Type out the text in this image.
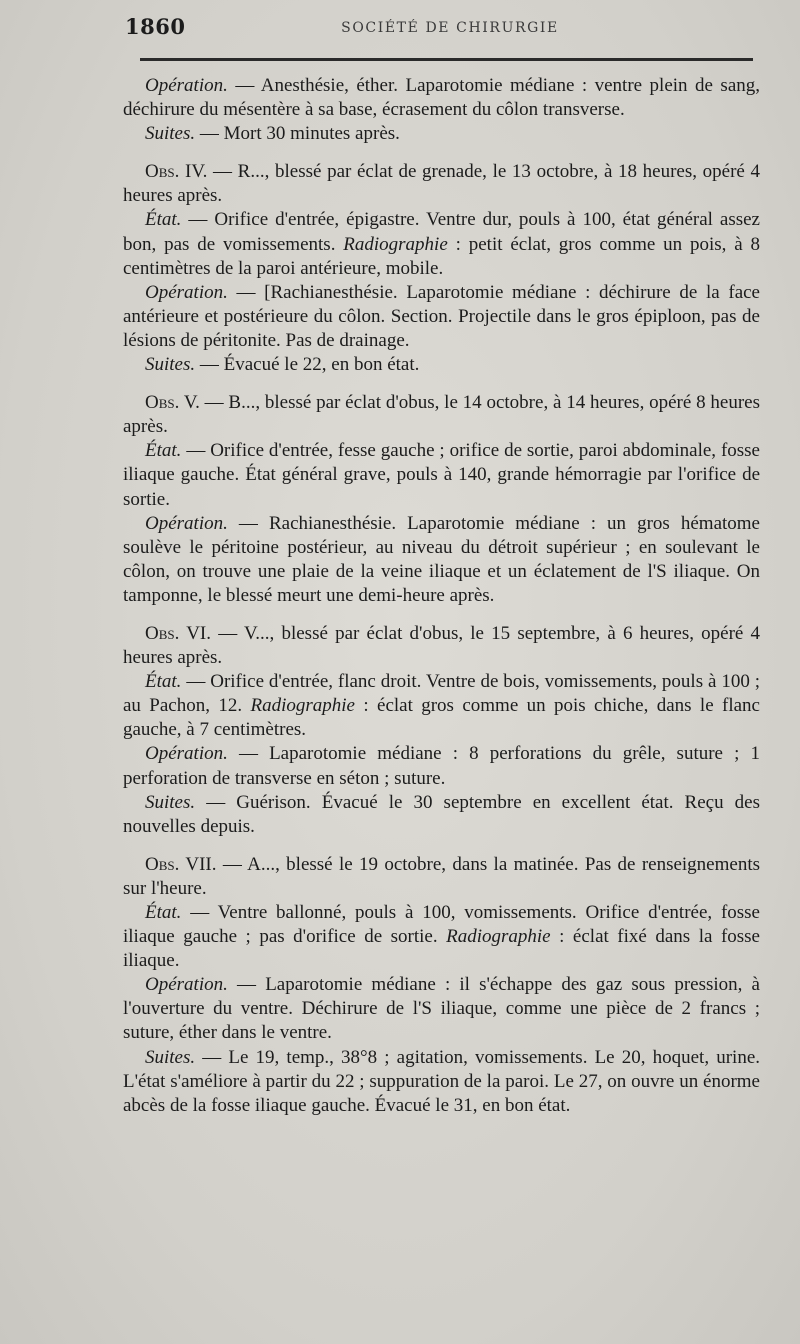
1860	SOCIÉTÉ DE CHIRURGIE

Opération. — Anesthésie, éther. Laparotomie médiane : ventre plein de sang, déchirure du mésentère à sa base, écrasement du côlon transverse.

Suites. — Mort 30 minutes après.

Obs. IV. — R..., blessé par éclat de grenade, le 13 octobre, à 18 heures, opéré 4 heures après.

État. — Orifice d'entrée, épigastre. Ventre dur, pouls à 100, état général assez bon, pas de vomissements. Radiographie : petit éclat, gros comme un pois, à 8 centimètres de la paroi antérieure, mobile.

Opération. — [Rachianesthésie. Laparotomie médiane : déchirure de la face antérieure et postérieure du côlon. Section. Projectile dans le gros épiploon, pas de lésions de péritonite. Pas de drainage.

Suites. — Évacué le 22, en bon état.

Obs. V. — B..., blessé par éclat d'obus, le 14 octobre, à 14 heures, opéré 8 heures après.

État. — Orifice d'entrée, fesse gauche ; orifice de sortie, paroi abdominale, fosse iliaque gauche. État général grave, pouls à 140, grande hémorragie par l'orifice de sortie.

Opération. — Rachianesthésie. Laparotomie médiane : un gros hématome soulève le péritoine postérieur, au niveau du détroit supérieur ; en soulevant le côlon, on trouve une plaie de la veine iliaque et un éclatement de l'S iliaque. On tamponne, le blessé meurt une demi-heure après.

Obs. VI. — V..., blessé par éclat d'obus, le 15 septembre, à 6 heures, opéré 4 heures après.

État. — Orifice d'entrée, flanc droit. Ventre de bois, vomissements, pouls à 100 ; au Pachon, 12. Radiographie : éclat gros comme un pois chiche, dans le flanc gauche, à 7 centimètres.

Opération. — Laparotomie médiane : 8 perforations du grêle, suture ; 1 perforation de transverse en séton ; suture.

Suites. — Guérison. Évacué le 30 septembre en excellent état. Reçu des nouvelles depuis.

Obs. VII. — A..., blessé le 19 octobre, dans la matinée. Pas de renseignements sur l'heure.

État. — Ventre ballonné, pouls à 100, vomissements. Orifice d'entrée, fosse iliaque gauche ; pas d'orifice de sortie. Radiographie : éclat fixé dans la fosse iliaque.

Opération. — Laparotomie médiane : il s'échappe des gaz sous pression, à l'ouverture du ventre. Déchirure de l'S iliaque, comme une pièce de 2 francs ; suture, éther dans le ventre.

Suites. — Le 19, temp., 38°8 ; agitation, vomissements. Le 20, hoquet, urine. L'état s'améliore à partir du 22 ; suppuration de la paroi. Le 27, on ouvre un énorme abcès de la fosse iliaque gauche. Évacué le 31, en bon état.
